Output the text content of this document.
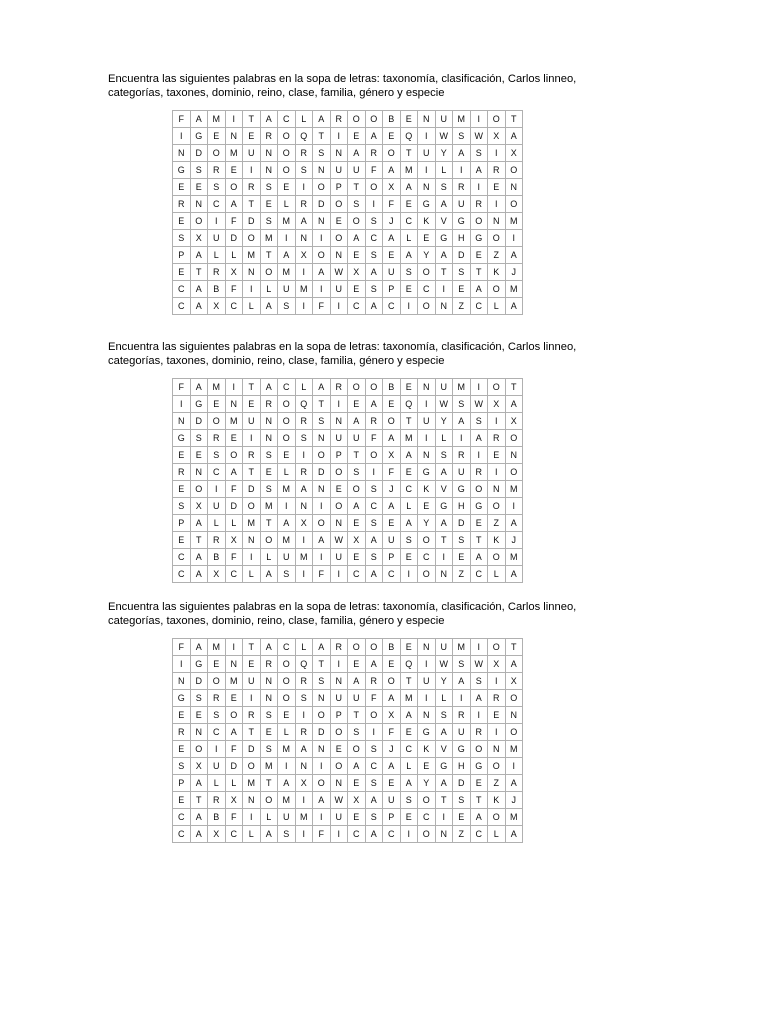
Encuentra las siguientes palabras en la sopa de letras: taxonomía, clasificación, Carlos linneo,
categorías, taxones, dominio, reino, clase, familia, género y especie

F	A	M	I	T	A	C	L	A	R	O	O	B	E	N	U	M	I	O	T
I	G	E	N	E	R	O	Q	T	I	E	A	E	Q	I	W	S	W	X	A
N	D	O	M	U	N	O	R	S	N	A	R	O	T	U	Y	A	S	I	X
G	S	R	E	I	N	O	S	N	U	U	F	A	M	I	L	I	A	R	O
E	E	S	O	R	S	E	I	O	P	T	O	X	A	N	S	R	I	E	N
R	N	C	A	T	E	L	R	D	O	S	I	F	E	G	A	U	R	I	O
E	O	I	F	D	S	M	A	N	E	O	S	J	C	K	V	G	O	N	M
S	X	U	D	O	M	I	N	I	O	A	C	A	L	E	G	H	G	O	I
P	A	L	L	M	T	A	X	O	N	E	S	E	A	Y	A	D	E	Z	A
E	T	R	X	N	O	M	I	A	W	X	A	U	S	O	T	S	T	K	J
C	A	B	F	I	L	U	M	I	U	E	S	P	E	C	I	E	A	O	M
C	A	X	C	L	A	S	I	F	I	C	A	C	I	O	N	Z	C	L	A

Encuentra las siguientes palabras en la sopa de letras: taxonomía, clasificación, Carlos linneo,
categorías, taxones, dominio, reino, clase, familia, género y especie

F	A	M	I	T	A	C	L	A	R	O	O	B	E	N	U	M	I	O	T
I	G	E	N	E	R	O	Q	T	I	E	A	E	Q	I	W	S	W	X	A
N	D	O	M	U	N	O	R	S	N	A	R	O	T	U	Y	A	S	I	X
G	S	R	E	I	N	O	S	N	U	U	F	A	M	I	L	I	A	R	O
E	E	S	O	R	S	E	I	O	P	T	O	X	A	N	S	R	I	E	N
R	N	C	A	T	E	L	R	D	O	S	I	F	E	G	A	U	R	I	O
E	O	I	F	D	S	M	A	N	E	O	S	J	C	K	V	G	O	N	M
S	X	U	D	O	M	I	N	I	O	A	C	A	L	E	G	H	G	O	I
P	A	L	L	M	T	A	X	O	N	E	S	E	A	Y	A	D	E	Z	A
E	T	R	X	N	O	M	I	A	W	X	A	U	S	O	T	S	T	K	J
C	A	B	F	I	L	U	M	I	U	E	S	P	E	C	I	E	A	O	M
C	A	X	C	L	A	S	I	F	I	C	A	C	I	O	N	Z	C	L	A

Encuentra las siguientes palabras en la sopa de letras: taxonomía, clasificación, Carlos linneo,
categorías, taxones, dominio, reino, clase, familia, género y especie

F	A	M	I	T	A	C	L	A	R	O	O	B	E	N	U	M	I	O	T
I	G	E	N	E	R	O	Q	T	I	E	A	E	Q	I	W	S	W	X	A
N	D	O	M	U	N	O	R	S	N	A	R	O	T	U	Y	A	S	I	X
G	S	R	E	I	N	O	S	N	U	U	F	A	M	I	L	I	A	R	O
E	E	S	O	R	S	E	I	O	P	T	O	X	A	N	S	R	I	E	N
R	N	C	A	T	E	L	R	D	O	S	I	F	E	G	A	U	R	I	O
E	O	I	F	D	S	M	A	N	E	O	S	J	C	K	V	G	O	N	M
S	X	U	D	O	M	I	N	I	O	A	C	A	L	E	G	H	G	O	I
P	A	L	L	M	T	A	X	O	N	E	S	E	A	Y	A	D	E	Z	A
E	T	R	X	N	O	M	I	A	W	X	A	U	S	O	T	S	T	K	J
C	A	B	F	I	L	U	M	I	U	E	S	P	E	C	I	E	A	O	M
C	A	X	C	L	A	S	I	F	I	C	A	C	I	O	N	Z	C	L	A
